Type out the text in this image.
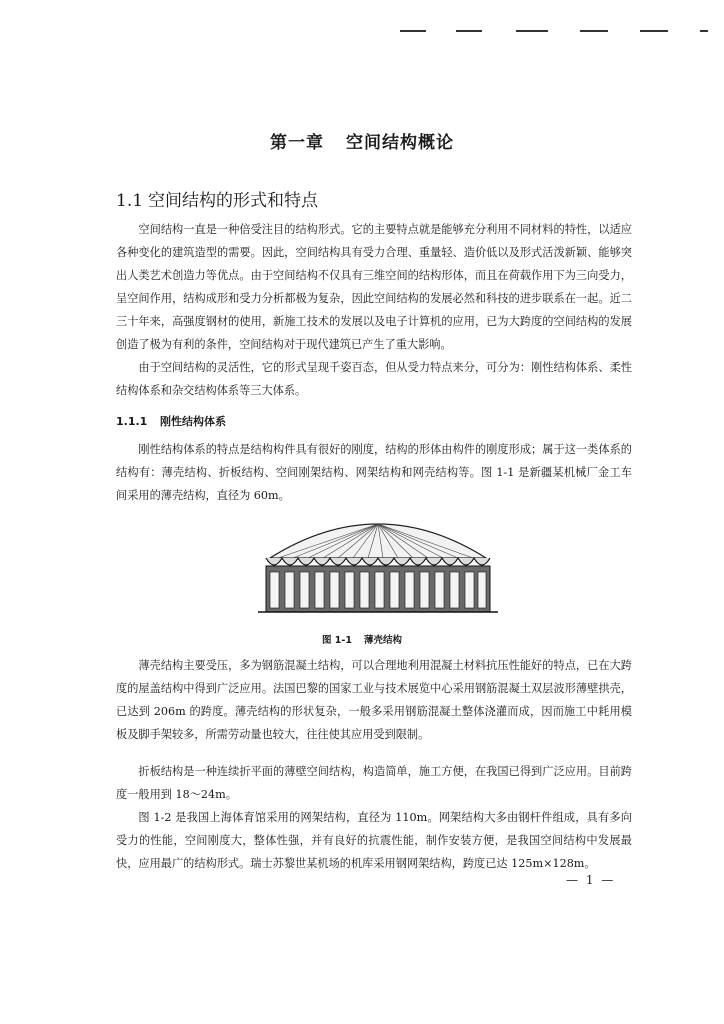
第一章 空间结构概论
1.1 空间结构的形式和特点

空间结构一直是一种倍受注目的结构形式。它的主要特点就是能够充分利用不同材料的特性，以适应各种变化的建筑造型的需要。因此，空间结构具有受力合理、重量轻、造价低以及形式活泼新颖、能够突出人类艺术创造力等优点。由于空间结构不仅具有三维空间的结构形体，而且在荷载作用下为三向受力，呈空间作用，结构成形和受力分析都极为复杂，因此空间结构的发展必然和科技的进步联系在一起。近二三十年来，高强度钢材的使用，新施工技术的发展以及电子计算机的应用，已为大跨度的空间结构的发展创造了极为有利的条件，空间结构对于现代建筑已产生了重大影响。

由于空间结构的灵活性，它的形式呈现千姿百态，但从受力特点来分，可分为：刚性结构体系、柔性结构体系和杂交结构体系等三大体系。

1.1.1 刚性结构体系

刚性结构体系的特点是结构构件具有很好的刚度，结构的形体由构件的刚度形成；属于这一类体系的结构有：薄壳结构、折板结构、空间刚架结构、网架结构和网壳结构等。图 1-1 是新疆某机械厂金工车间采用的薄壳结构，直径为 60m。

图 1-1 薄壳结构

薄壳结构主要受压，多为钢筋混凝土结构，可以合理地利用混凝土材料抗压性能好的特点，已在大跨度的屋盖结构中得到广泛应用。法国巴黎的国家工业与技术展览中心采用钢筋混凝土双层波形薄壁拱壳，已达到 206m 的跨度。薄壳结构的形状复杂，一般多采用钢筋混凝土整体浇灌而成，因而施工中耗用模板及脚手架较多，所需劳动量也较大，往往使其应用受到限制。

折板结构是一种连续折平面的薄壁空间结构，构造简单，施工方便，在我国已得到广泛应用。目前跨度一般用到 18～24m。

图 1-2 是我国上海体育馆采用的网架结构，直径为 110m。网架结构大多由钢杆件组成，具有多向受力的性能，空间刚度大，整体性强，并有良好的抗震性能，制作安装方便，是我国空间结构中发展最快，应用最广的结构形式。瑞士苏黎世某机场的机库采用钢网架结构，跨度已达 125m×128m。

— 1 —
